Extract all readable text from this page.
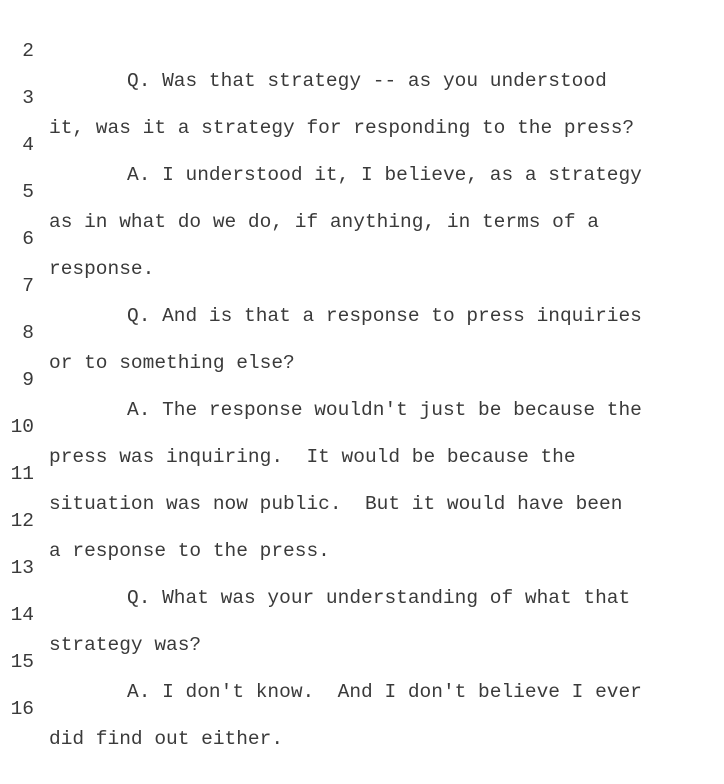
2

Q. Was that strategy -- as you understood

3

it, was it a strategy for responding to the press?

4

A. I understood it, I believe, as a strategy

5

as in what do we do, if anything, in terms of a

6

response.

7

Q. And is that a response to press inquiries

8

or to something else?

9

A. The response wouldn't just be because the

10

press was inquiring.  It would be because the

11

situation was now public.  But it would have been

12

a response to the press.

13

Q. What was your understanding of what that

14

strategy was?

15

A. I don't know.  And I don't believe I ever

16

did find out either.
